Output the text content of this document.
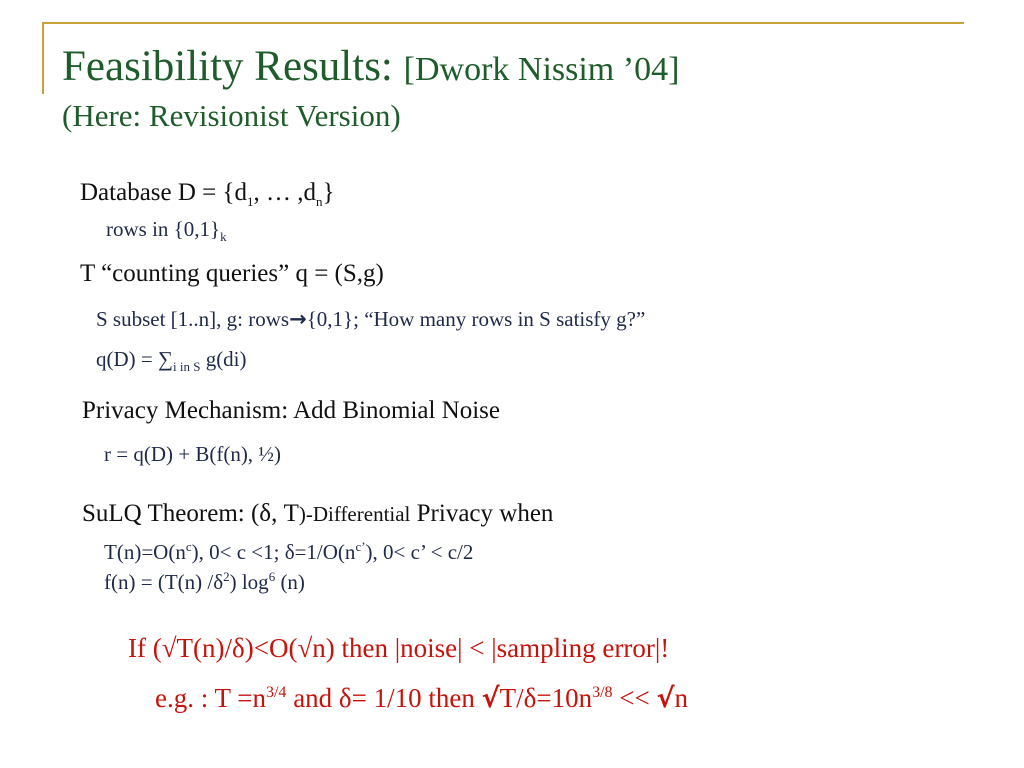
Feasibility Results: [Dwork Nissim ’04]
(Here: Revisionist Version)
Database $D = \{d_1$, … $,d_n$}
rows in $\{0,1\}_k$
T “counting queries” q = (S,g)
S subset [1..n], g: rows→{0,1}; “How many rows in S satisfy g?”
$q(D) = \sum_{i in S}$ g(di)
Privacy Mechanism: Add Binomial Noise
r = q(D) + B(f(n), ½)
SuLQ Theorem: (δ, T)-Differential Privacy when
$T(n)=O(n^c)$, 0< c <1; $\delta=1/O(n^{c’})$, 0< c’ < c/2
f(n) = (T(n) $/\delta^2$) $\log^6 (n)$
If (√T(n)/δ)<O(√n) then |noise| < |sampling error|!
e.g. : $T =n^{3/4}$ and δ= 1/10 then $√T/\delta=10n^{3/8} << √n$
